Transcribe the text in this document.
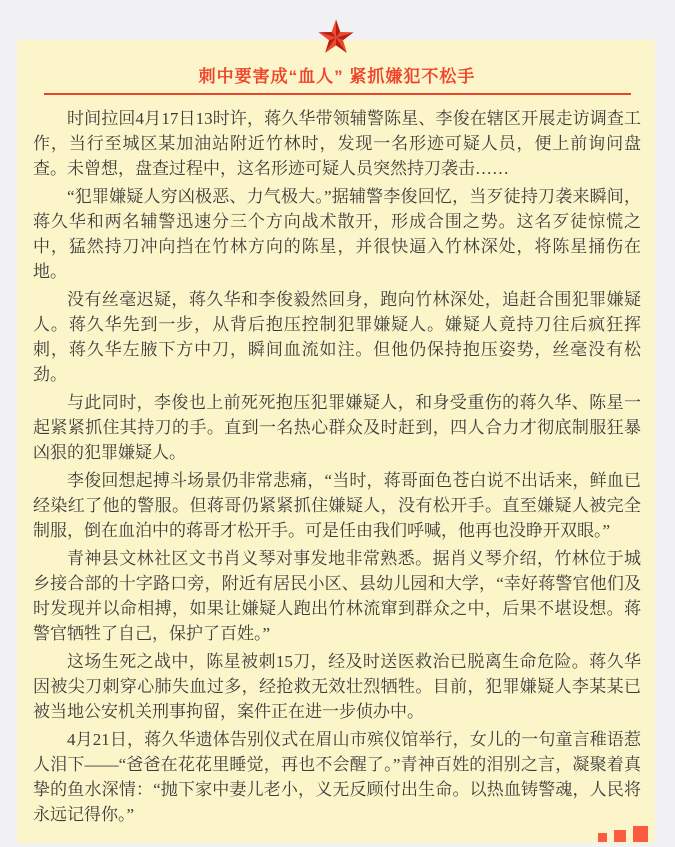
刺中要害成“血人” 紧抓嫌犯不松手

时间拉回4月17日13时许，蒋久华带领辅警陈星、李俊在辖区开展走访调查工作，当行至城区某加油站附近竹林时，发现一名形迹可疑人员，便上前询问盘查。未曾想，盘查过程中，这名形迹可疑人员突然持刀袭击……

“犯罪嫌疑人穷凶极恶、力气极大。”据辅警李俊回忆，当歹徒持刀袭来瞬间，蒋久华和两名辅警迅速分三个方向战术散开，形成合围之势。这名歹徒惊慌之中，猛然持刀冲向挡在竹林方向的陈星，并很快逼入竹林深处，将陈星捅伤在地。

没有丝毫迟疑，蒋久华和李俊毅然回身，跑向竹林深处，追赶合围犯罪嫌疑人。蒋久华先到一步，从背后抱压控制犯罪嫌疑人。嫌疑人竟持刀往后疯狂挥刺，蒋久华左腋下方中刀，瞬间血流如注。但他仍保持抱压姿势，丝毫没有松劲。

与此同时，李俊也上前死死抱压犯罪嫌疑人，和身受重伤的蒋久华、陈星一起紧紧抓住其持刀的手。直到一名热心群众及时赶到，四人合力才彻底制服狂暴凶狠的犯罪嫌疑人。

李俊回想起搏斗场景仍非常悲痛，“当时，蒋哥面色苍白说不出话来，鲜血已经染红了他的警服。但蒋哥仍紧紧抓住嫌疑人，没有松开手。直至嫌疑人被完全制服，倒在血泊中的蒋哥才松开手。可是任由我们呼喊，他再也没睁开双眼。”

青神县文林社区文书肖义琴对事发地非常熟悉。据肖义琴介绍，竹林位于城乡接合部的十字路口旁，附近有居民小区、县幼儿园和大学，“幸好蒋警官他们及时发现并以命相搏，如果让嫌疑人跑出竹林流窜到群众之中，后果不堪设想。蒋警官牺牲了自己，保护了百姓。”

这场生死之战中，陈星被刺15刀，经及时送医救治已脱离生命危险。蒋久华因被尖刀刺穿心肺失血过多，经抢救无效壮烈牺牲。目前，犯罪嫌疑人李某某已被当地公安机关刑事拘留，案件正在进一步侦办中。

4月21日，蒋久华遗体告别仪式在眉山市殡仪馆举行，女儿的一句童言稚语惹人泪下——“爸爸在花花里睡觉，再也不会醒了。”青神百姓的泪别之言，凝聚着真挚的鱼水深情：“抛下家中妻儿老小，义无反顾付出生命。以热血铸警魂，人民将永远记得你。”
